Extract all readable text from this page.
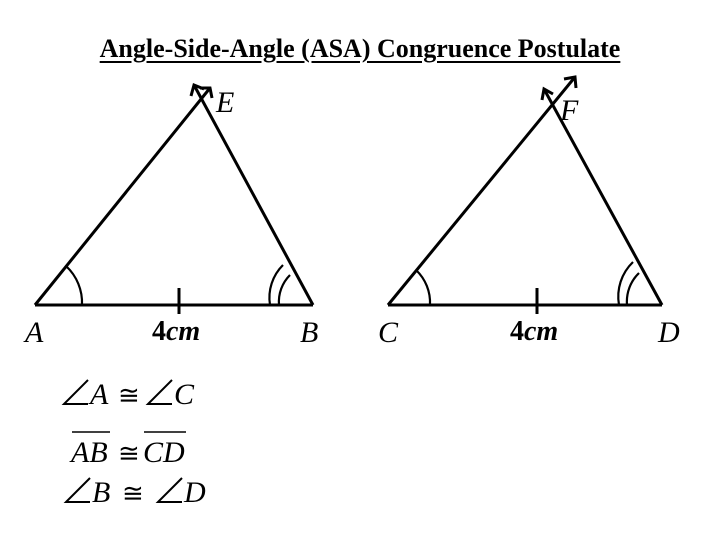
Angle-Side-Angle (ASA) Congruence Postulate
A	B
E
C	D
F
4cm	4cm
A ≅ C
AB ≅ CD
B ≅ D
